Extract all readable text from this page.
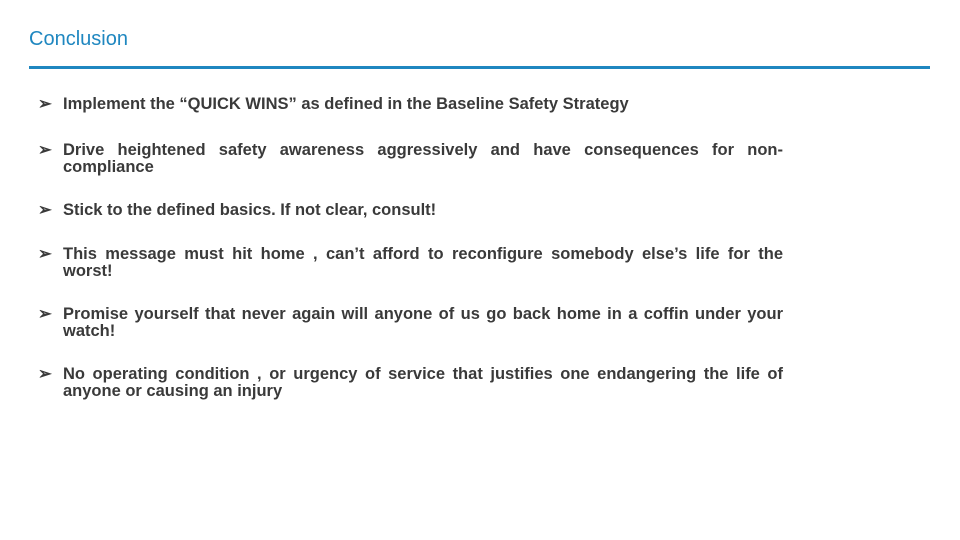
Conclusion
➢ Implement the “QUICK WINS” as defined in the Baseline Safety Strategy
➢ Drive heightened safety awareness aggressively and have consequences for non-compliance
➢ Stick to the defined basics. If not clear, consult!
➢ This message must hit home , can’t afford to reconfigure somebody else’s life for the worst!
➢ Promise yourself that never again will anyone of us go back home in a coffin under your watch!
➢ No operating condition , or urgency of service that justifies one endangering the life of anyone or causing an injury
